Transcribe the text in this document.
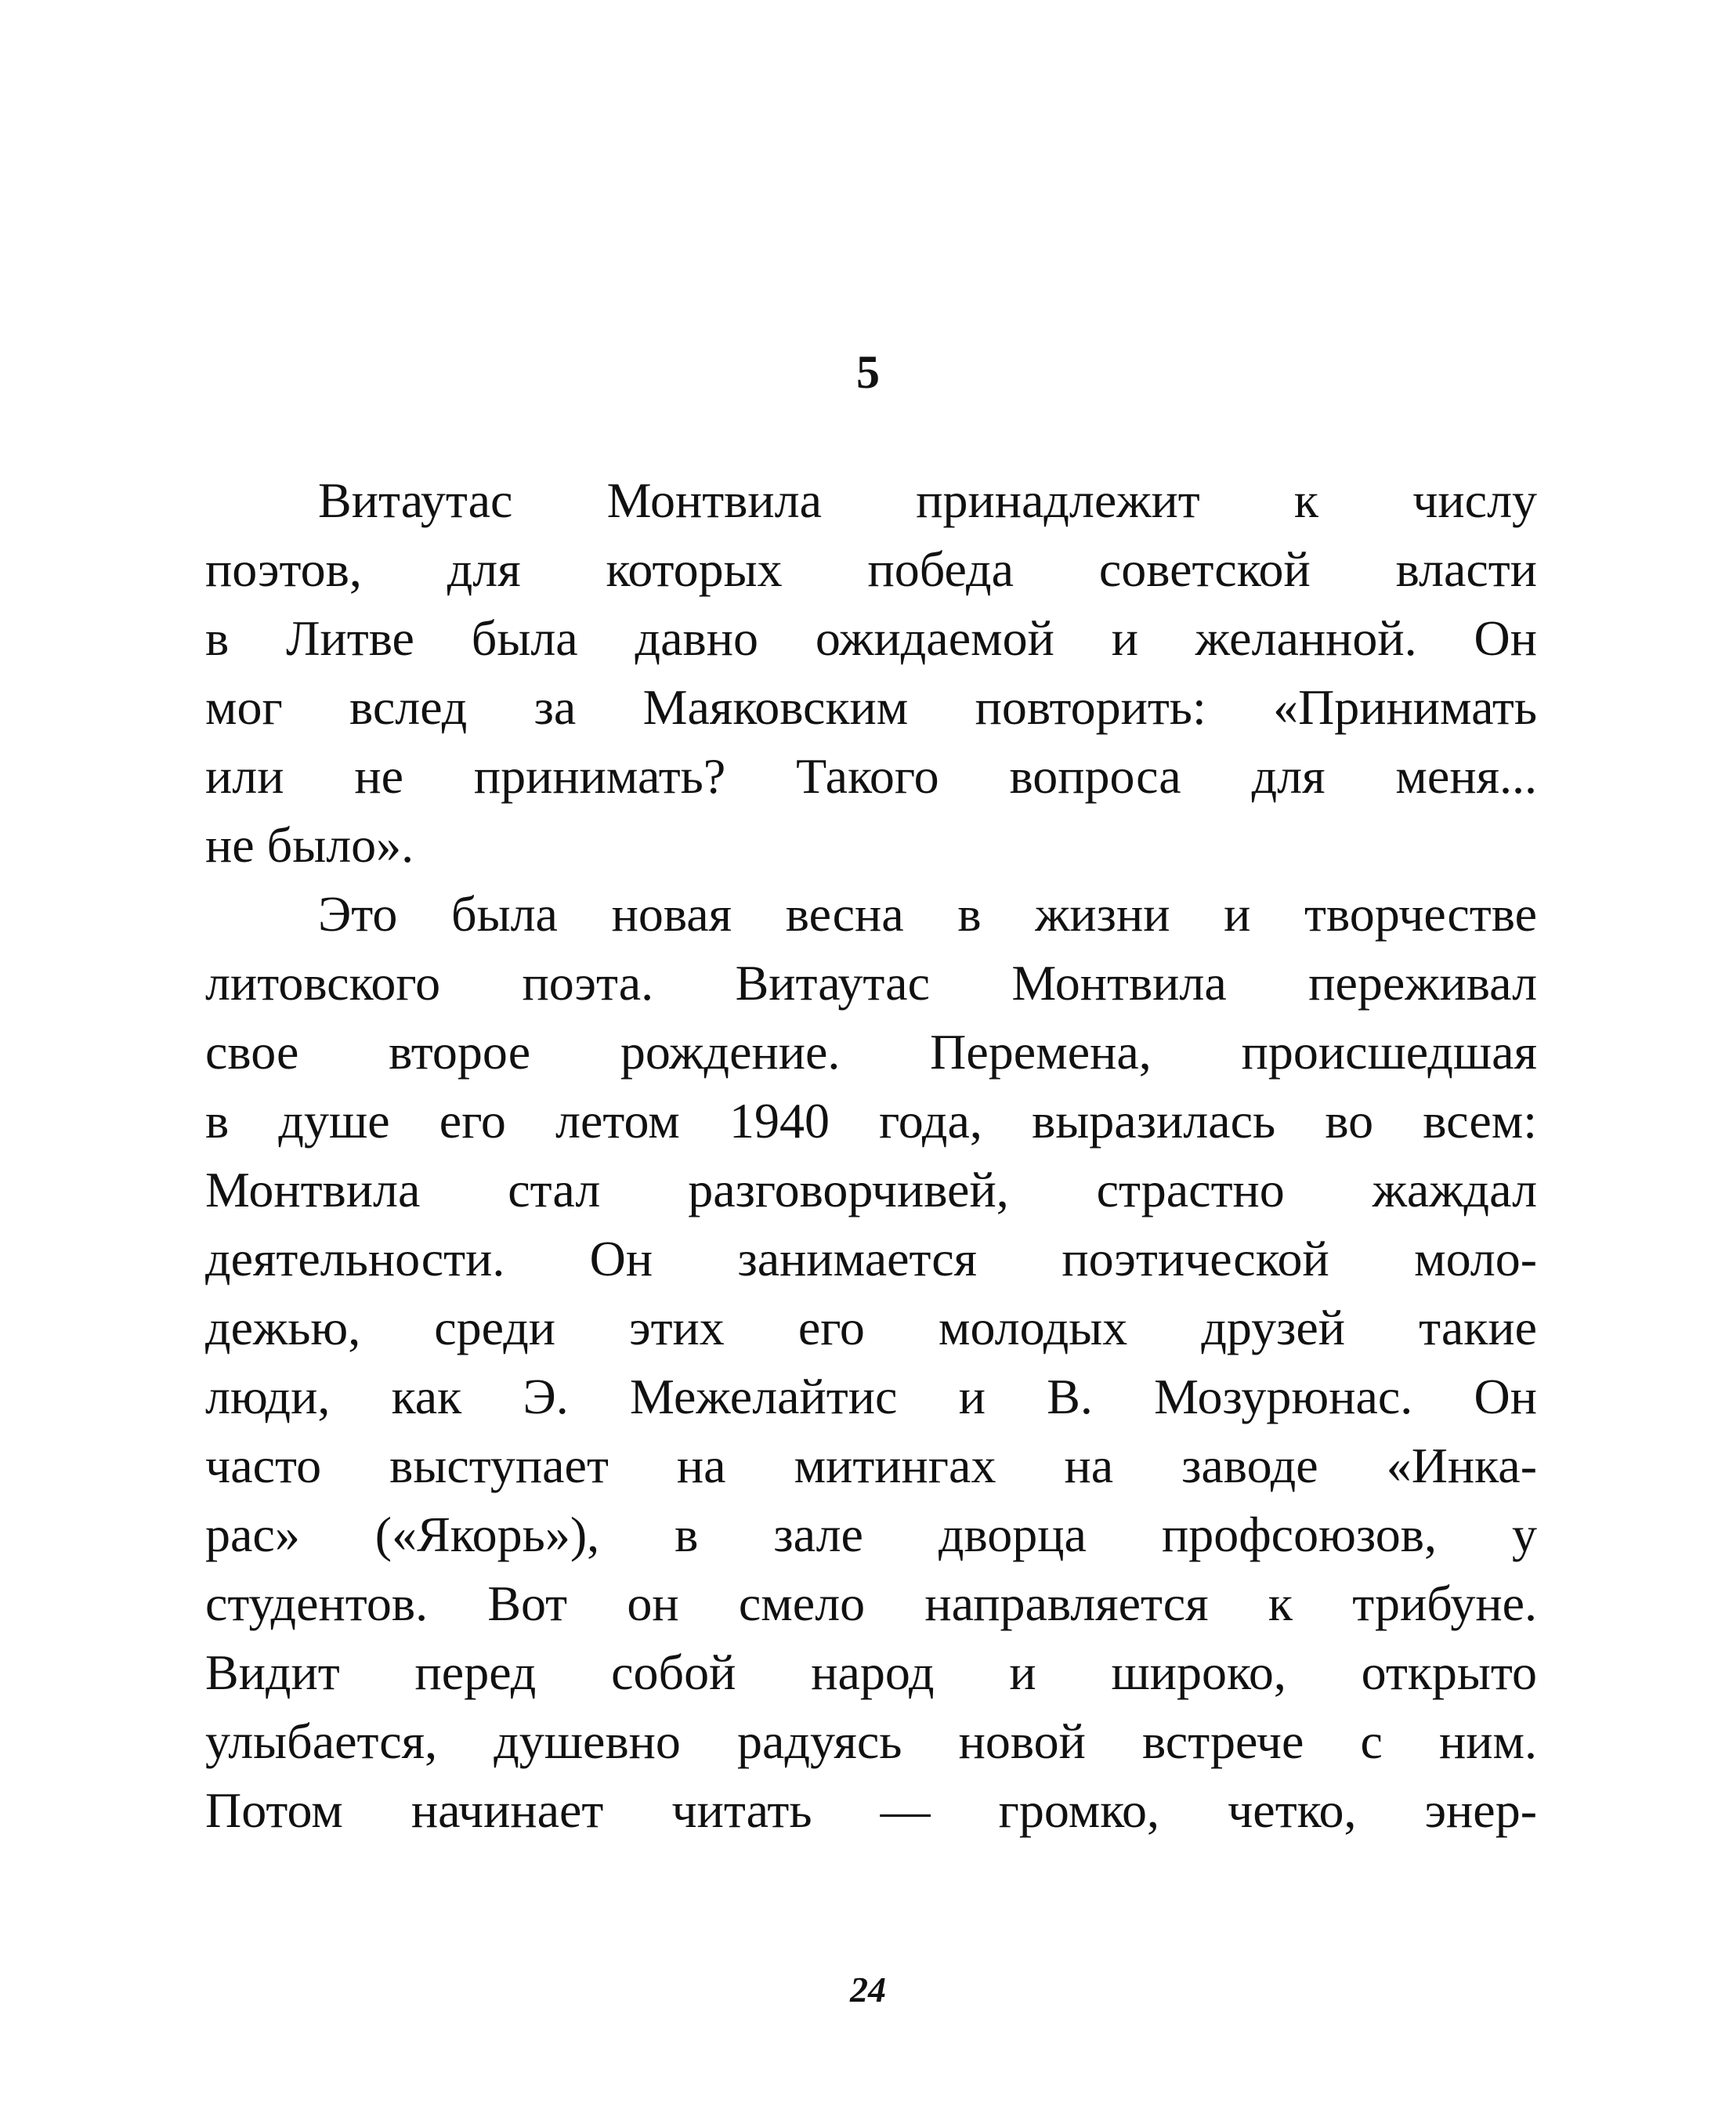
5
Витаутас Монтвила принадлежит к числу
поэтов, для которых победа советской власти
в Литве была давно ожидаемой и желанной. Он
мог вслед за Маяковским повторить: «Принимать
или не принимать? Такого вопроса для меня...
не было».
Это была новая весна в жизни и творчестве
литовского поэта. Витаутас Монтвила переживал
свое второе рождение. Перемена, происшедшая
в душе его летом 1940 года, выразилась во всем:
Монтвила стал разговорчивей, страстно жаждал
деятельности. Он занимается поэтической моло-
дежью, среди этих его молодых друзей такие
люди, как Э. Межелайтис и В. Мозурюнас. Он
часто выступает на митингах на заводе «Инка-
рас» («Якорь»), в зале дворца профсоюзов, у
студентов. Вот он смело направляется к трибуне.
Видит перед собой народ и широко, открыто
улыбается, душевно радуясь новой встрече с ним.
Потом начинает читать — громко, четко, энер-
24
